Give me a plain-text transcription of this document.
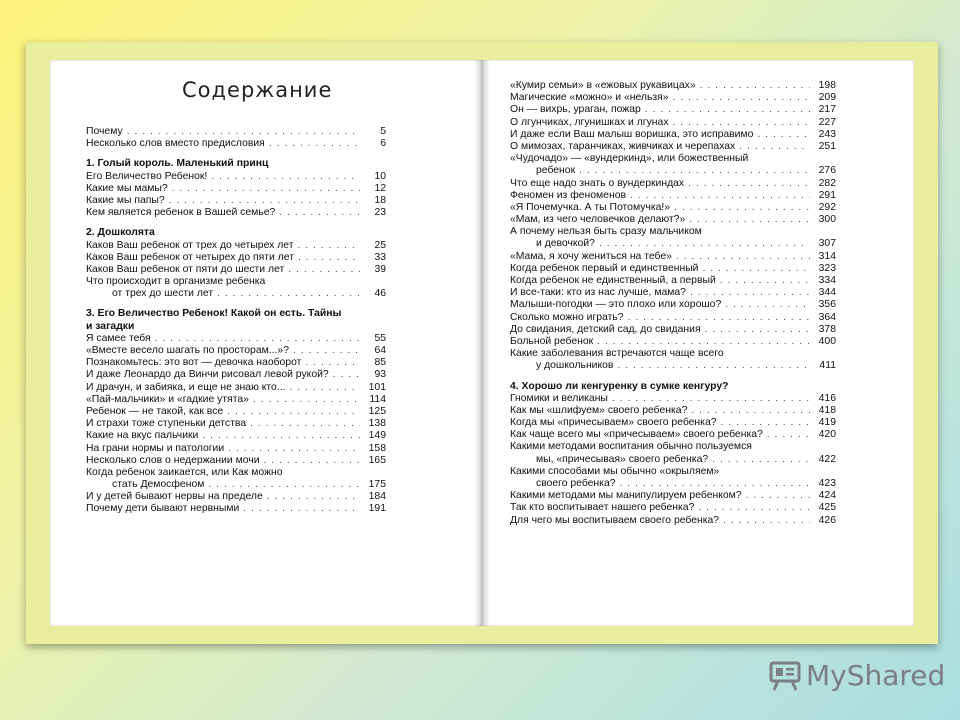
Содержание
Почему . . .	5
Несколько слов вместо предисловия . . .	6
1. Голый король. Маленький принц
Его Величество Ребенок! . . .	10
Какие мы мамы? . . .	12
Какие мы папы? . . .	18
Кем является ребенок в Вашей семье? . . .	23
2. Дошколята
Каков Ваш ребенок от трех до четырех лет . . .	25
Каков Ваш ребенок от четырех до пяти лет . . .	33
Каков Ваш ребенок от пяти до шести лет . . .	39
Что происходит в организме ребенка
от трех до шести лет . . .	46
3. Его Величество Ребенок! Какой он есть. Тайны
и загадки
Я самее тебя . . .	55
«Вместе весело шагать по просторам...»? . . .	64
Познакомьтесь: это вот — девочка наоборот . . .	85
И даже Леонардо да Винчи рисовал левой рукой? . . .	93
И драчун, и забияка, и еще не знаю кто... . . .	101
«Пай-мальчики» и «гадкие утята» . . .	114
Ребенок — не такой, как все . . .	125
И страхи тоже ступеньки детства . . .	138
Какие на вкус пальчики . . .	149
На грани нормы и патологии . . .	158
Несколько слов о недержании мочи . . .	165
Когда ребенок заикается, или Как можно
стать Демосфеном . . .	175
И у детей бывают нервы на пределе . . .	184
Почему дети бывают нервными . . .	191
«Кумир семьи» в «ежовых рукавицах» . . .	198
Магические «можно» и «нельзя» . . .	209
Он — вихрь, ураган, пожар . . .	217
О лгунчиках, лгунишках и лгунах . . .	227
И даже если Ваш малыш воришка, это исправимо . . .	243
О мимозах, таранчиках, живчиках и черепахах . . .	251
«Чудочадо» — «вундеркинд», или божественный
ребенок . . .	276
Что еще надо знать о вундеркиндах . . .	282
Феномен из феноменов . . .	291
«Я Почемучка. А ты Потомучка!» . . .	292
«Мам, из чего человечков делают?» . . .	300
А почему нельзя быть сразу мальчиком
и девочкой? . . .	307
«Мама, я хочу жениться на тебе» . . .	314
Когда ребенок первый и единственный . . .	323
Когда ребенок не единственный, а первый . . .	334
И все-таки: кто из нас лучше, мама? . . .	344
Малыши-погодки — это плохо или хорошо? . . .	356
Сколько можно играть? . . .	364
До свидания, детский сад, до свидания . . .	378
Больной ребенок . . .	400
Какие заболевания встречаются чаще всего
у дошкольников . . .	411
4. Хорошо ли кенгуренку в сумке кенгуру?
Гномики и великаны . . .	416
Как мы «шлифуем» своего ребенка? . . .	418
Когда мы «причесываем» своего ребенка? . . .	419
Как чаще всего мы «причесываем» своего ребенка? . . .	420
Какими методами воспитания обычно пользуемся
мы, «причесывая» своего ребенка? . . .	422
Какими способами мы обычно «окрыляем»
своего ребенка? . . .	423
Какими методами мы манипулируем ребенком? . . .	424
Так кто воспитывает нашего ребенка? . . .	425
Для чего мы воспитываем своего ребенка? . . .	426
MyShared
